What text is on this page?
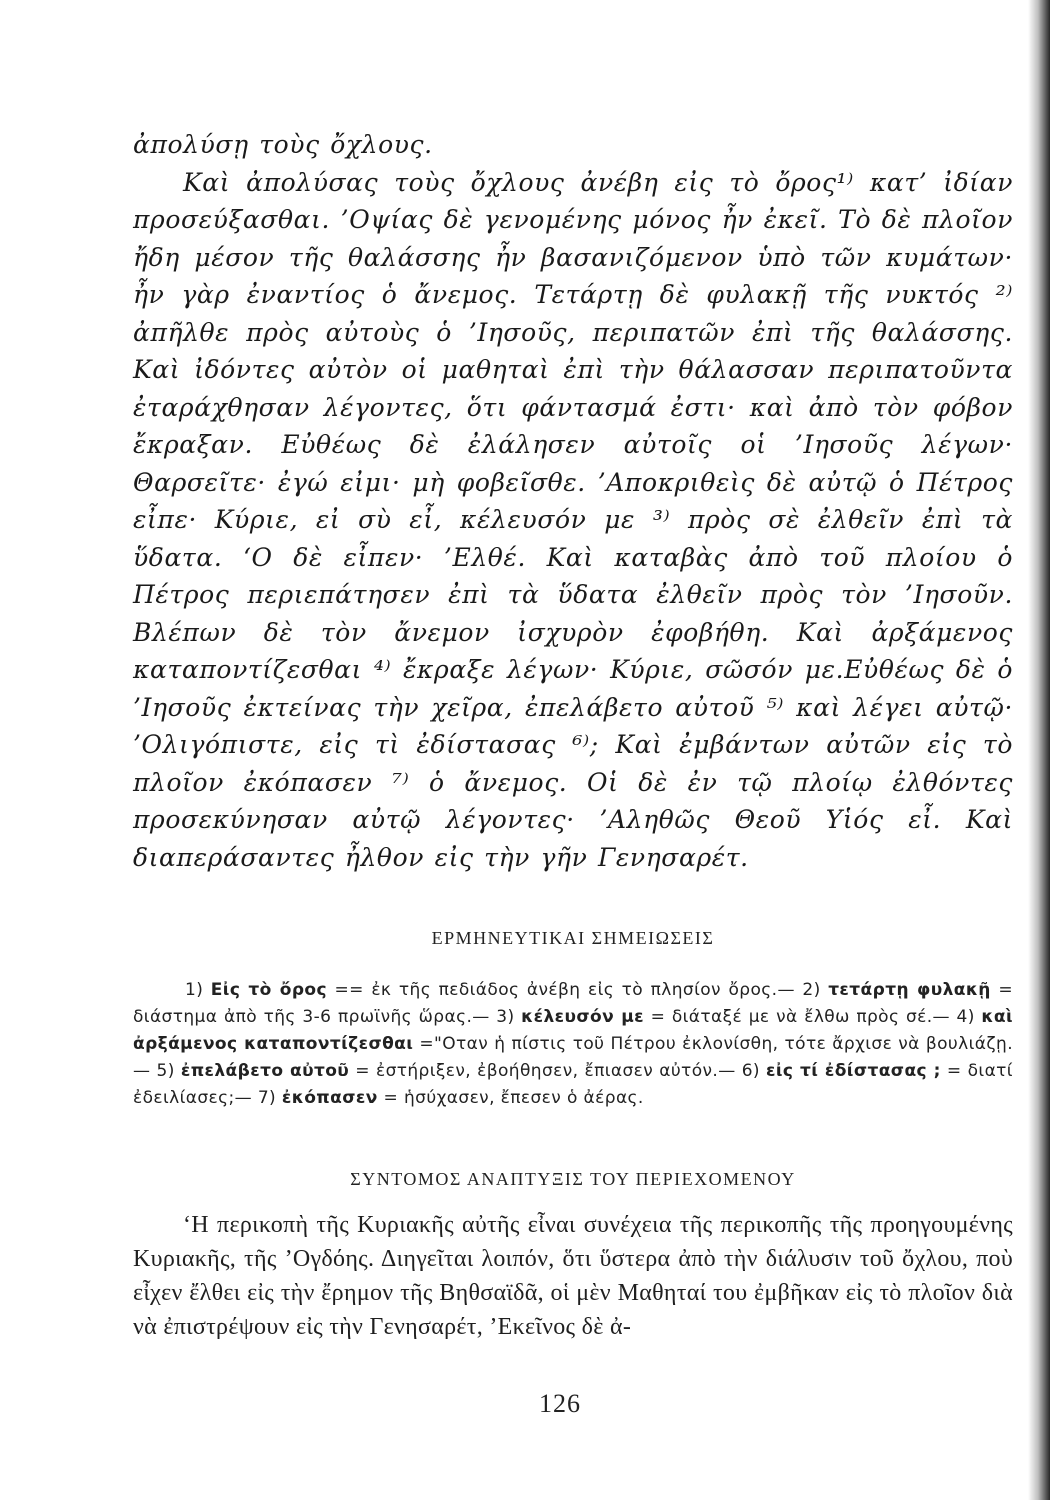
ἀπολύσῃ τοὺς ὄχλους.

Καὶ ἀπολύσας τοὺς ὄχλους ἀνέβη εἰς τὸ ὄρος¹⁾ κατ’ ἰδίαν προσεύξασθαι. ’Οψίας δὲ γενομένης μόνος ἦν ἐκεῖ. Τὸ δὲ πλοῖον ἤδη μέσον τῆς θαλάσσης ἦν βασανιζόμενον ὑπὸ τῶν κυμάτων· ἦν γὰρ ἐναντίος ὁ ἄνεμος. Τετάρτῃ δὲ φυλακῇ τῆς νυκτός ²⁾ ἀπῆλθε πρὸς αὐτοὺς ὁ ’Ιησοῦς, περιπατῶν ἐπὶ τῆς θαλάσσης. Καὶ ἰδόντες αὐτὸν οἱ μαθηταὶ ἐπὶ τὴν θάλασσαν περιπατοῦντα ἐταράχθησαν λέγοντες, ὅτι φάντασμά ἐστι· καὶ ἀπὸ τὸν φόβον ἔκραξαν. Εὐθέως δὲ ἐλάλησεν αὐτοῖς οἱ ’Ιησοῦς λέγων· Θαρσεῖτε· ἐγώ εἰμι· μὴ φοβεῖσθε. ’Αποκριθεὶς δὲ αὐτῷ ὁ Πέτρος εἶπε· Κύριε, εἰ σὺ εἶ, κέλευσόν με ³⁾ πρὸς σὲ ἐλθεῖν ἐπὶ τὰ ὕδατα. ‘Ο δὲ εἶπεν· ’Ελθέ. Καὶ καταβὰς ἀπὸ τοῦ πλοίου ὁ Πέτρος περιεπάτησεν ἐπὶ τὰ ὕδατα ἐλθεῖν πρὸς τὸν ’Ιησοῦν. Βλέπων δὲ τὸν ἄνεμον ἰσχυρὸν ἐφοβήθη. Καὶ ἀρξάμενος καταποντίζεσθαι ⁴⁾ ἔκραξε λέγων· Κύριε, σῶσόν με.Εὐθέως δὲ ὁ ’Ιησοῦς ἐκτείνας τὴν χεῖρα, ἐπελάβετο αὐτοῦ ⁵⁾ καὶ λέγει αὐτῷ· ’Ολιγόπιστε, εἰς τὶ ἐδίστασας ⁶⁾; Καὶ ἐμβάντων αὐτῶν εἰς τὸ πλοῖον ἐκόπασεν ⁷⁾ ὁ ἄνεμος. Οἱ δὲ ἐν τῷ πλοίῳ ἐλθόντες προσεκύνησαν αὐτῷ λέγοντες· ’Αληθῶς Θεοῦ Υἱός εἶ. Καὶ διαπεράσαντες ἦλθον εἰς τὴν γῆν Γενησαρέτ.

ΕΡΜΗΝΕΥΤΙΚΑΙ ΣΗΜΕΙΩΣΕΙΣ
1) Εἰς τὸ ὄρος == ἐκ τῆς πεδιάδος ἀνέβη εἰς τὸ πλησίον ὄρος.— 2) τετάρτῃ φυλακῇ = διάστημα ἀπὸ τῆς 3-6 πρωϊνῆς ὥρας.— 3) κέλευσόν με = διάταξέ με νὰ ἔλθω πρὸς σέ.— 4) καὶ ἀρξάμενος καταποντίζεσθαι ="Οταν ἡ πίστις τοῦ Πέτρου ἐκλονίσθη, τότε ἄρχισε νὰ βουλιάζῃ.— 5) ἐπελάβετο αὐτοῦ = ἐστήριξεν, ἐβοήθησεν, ἔπιασεν αὐτόν.— 6) εἰς τί ἐδίστασας ; = διατί ἐδειλίασες;— 7) ἐκόπασεν = ἡσύχασεν, ἔπεσεν ὁ ἀέρας.
ΣΥΝΤΟΜΟΣ ΑΝΑΠΤΥΞΙΣ ΤΟΥ ΠΕΡΙΕΧΟΜΕΝΟΥ

‘Η περικοπὴ τῆς Κυριακῆς αὐτῆς εἶναι συνέχεια τῆς περικοπῆς τῆς προηγουμένης Κυριακῆς, τῆς ’Ογδόης. Διηγεῖται λοιπόν, ὅτι ὕστερα ἀπὸ τὴν διάλυσιν τοῦ ὄχλου, ποὺ εἶχεν ἔλθει εἰς τὴν ἔρημον τῆς Βηθσαϊδᾶ, οἱ μὲν Μαθηταί του ἐμβῆκαν εἰς τὸ πλοῖον διὰ νὰ ἐπιστρέψουν εἰς τὴν Γενησαρέτ, ’Εκεῖνος δὲ ἀ-

126
